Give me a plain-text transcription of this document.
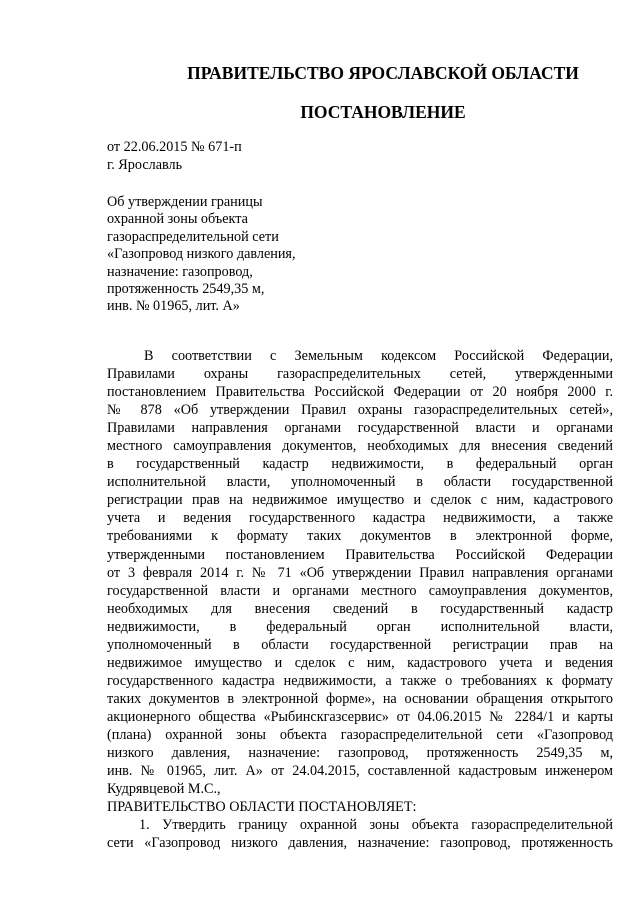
ПРАВИТЕЛЬСТВО ЯРОСЛАВСКОЙ ОБЛАСТИ
ПОСТАНОВЛЕНИЕ
от 22.06.2015 № 671-п
г. Ярославль
Об утверждении границы
охранной зоны объекта
газораспределительной сети
«Газопровод низкого давления,
назначение: газопровод,
протяженность 2549,35 м,
инв. № 01965, лит. А»
В соответствии с Земельным кодексом Российской Федерации,
Правилами охраны газораспределительных сетей, утвержденными
постановлением Правительства Российской Федерации от 20 ноября 2000 г.
№ 878 «Об утверждении Правил охраны газораспределительных сетей»,
Правилами направления органами государственной власти и органами
местного самоуправления документов, необходимых для внесения сведений
в государственный кадастр недвижимости, в федеральный орган
исполнительной власти, уполномоченный в области государственной
регистрации прав на недвижимое имущество и сделок с ним, кадастрового
учета и ведения государственного кадастра недвижимости, а также
требованиями к формату таких документов в электронной форме,
утвержденными постановлением Правительства Российской Федерации
от 3 февраля 2014 г. № 71 «Об утверждении Правил направления органами
государственной власти и органами местного самоуправления документов,
необходимых для внесения сведений в государственный кадастр
недвижимости, в федеральный орган исполнительной власти,
уполномоченный в области государственной регистрации прав на
недвижимое имущество и сделок с ним, кадастрового учета и ведения
государственного кадастра недвижимости, а также о требованиях к формату
таких документов в электронной форме», на основании обращения открытого
акционерного общества «Рыбинскгазсервис» от 04.06.2015 № 2284/1 и карты
(плана) охранной зоны объекта газораспределительной сети «Газопровод
низкого давления, назначение: газопровод, протяженность 2549,35 м,
инв. № 01965, лит. А» от 24.04.2015, составленной кадастровым инженером
Кудрявцевой М.С.,
ПРАВИТЕЛЬСТВО ОБЛАСТИ ПОСТАНОВЛЯЕТ:
1. Утвердить границу охранной зоны объекта газораспределительной
сети «Газопровод низкого давления, назначение: газопровод, протяженность
